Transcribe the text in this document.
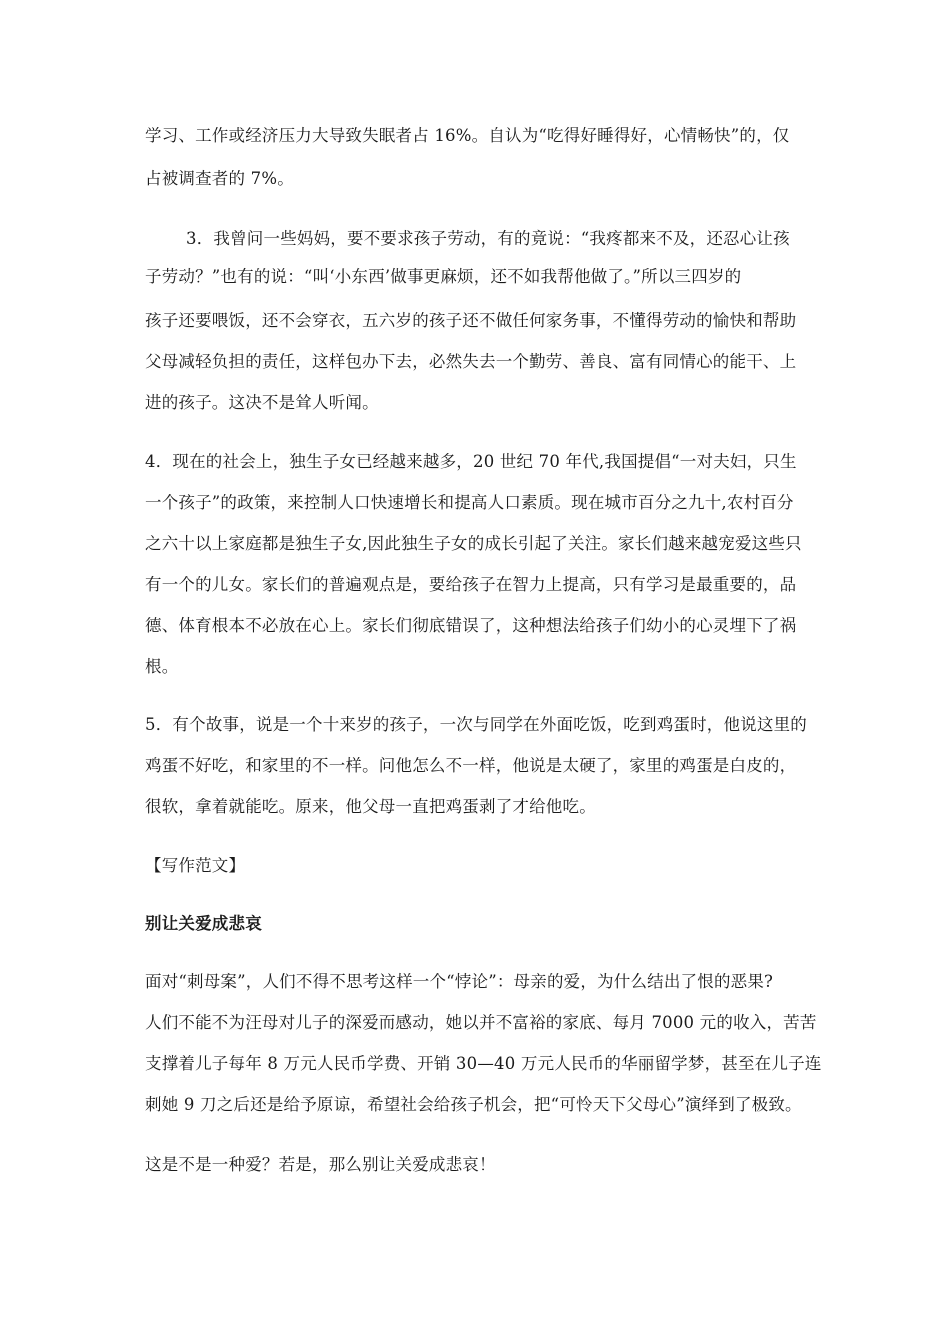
学习、工作或经济压力大导致失眠者占 16%。自认为“吃得好睡得好，心情畅快”的，仅
占被调查者的 7%。
3．我曾问一些妈妈，要不要求孩子劳动，有的竟说：“我疼都来不及，还忍心让孩
子劳动？”也有的说：“叫‘小东西’做事更麻烦，还不如我帮他做了。”所以三四岁的
孩子还要喂饭，还不会穿衣，五六岁的孩子还不做任何家务事，不懂得劳动的愉快和帮助
父母减轻负担的责任，这样包办下去，必然失去一个勤劳、善良、富有同情心的能干、上
进的孩子。这决不是耸人听闻。
4．现在的社会上，独生子女已经越来越多，20 世纪 70 年代,我国提倡“一对夫妇，只生
一个孩子”的政策，来控制人口快速增长和提高人口素质。现在城市百分之九十,农村百分
之六十以上家庭都是独生子女,因此独生子女的成长引起了关注。家长们越来越宠爱这些只
有一个的儿女。家长们的普遍观点是，要给孩子在智力上提高，只有学习是最重要的，品
德、体育根本不必放在心上。家长们彻底错误了，这种想法给孩子们幼小的心灵埋下了祸
根。
5．有个故事，说是一个十来岁的孩子，一次与同学在外面吃饭，吃到鸡蛋时，他说这里的
鸡蛋不好吃，和家里的不一样。问他怎么不一样，他说是太硬了，家里的鸡蛋是白皮的，
很软，拿着就能吃。原来，他父母一直把鸡蛋剥了才给他吃。
【写作范文】
别让关爱成悲哀
面对“刺母案”，人们不得不思考这样一个“悖论”：母亲的爱，为什么结出了恨的恶果?
人们不能不为汪母对儿子的深爱而感动，她以并不富裕的家底、每月 7000 元的收入，苦苦
支撑着儿子每年 8 万元人民币学费、开销 30—40 万元人民币的华丽留学梦，甚至在儿子连
刺她 9 刀之后还是给予原谅，希望社会给孩子机会，把“可怜天下父母心”演绎到了极致。
这是不是一种爱？若是，那么别让关爱成悲哀！
